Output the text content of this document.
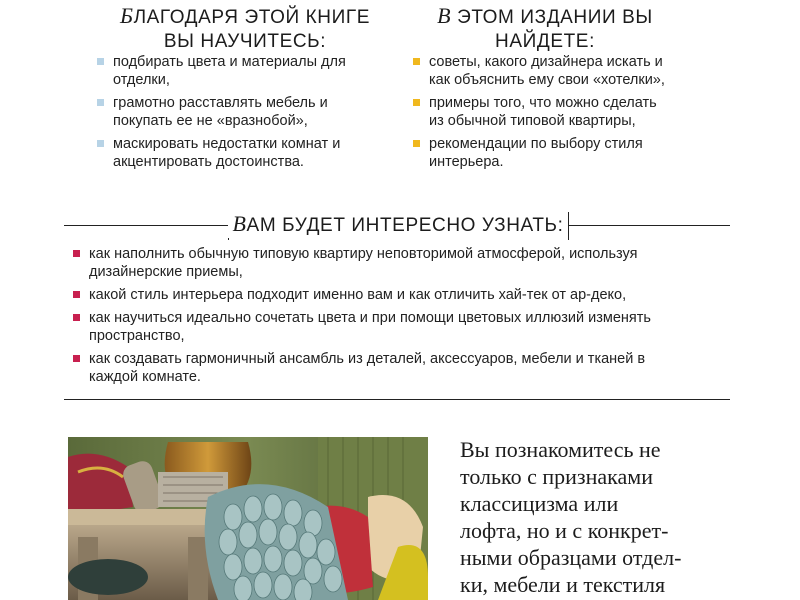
БЛАГОДАРЯ ЭТОЙ КНИГЕ
ВЫ НАУЧИТЕСЬ:
подбирать цвета и материалы для
отделки,
грамотно расставлять мебель и
покупать ее не «вразнобой»,
маскировать недостатки комнат и
акцентировать достоинства.
В ЭТОМ ИЗДАНИИ ВЫ
НАЙДЕТЕ:
советы, какого дизайнера искать и
как объяснить ему свои «хотелки»,
примеры того, что можно сделать
из обычной типовой квартиры,
рекомендации по выбору стиля
интерьера.
ВАМ БУДЕТ ИНТЕРЕСНО УЗНАТЬ:
как наполнить обычную типовую квартиру неповторимой атмосферой, используя
дизайнерские приемы,
какой стиль интерьера подходит именно вам и как отличить хай-тек от ар-деко,
как научиться идеально сочетать цвета и при помощи цветовых иллюзий изменять
пространство,
как создавать гармоничный ансамбль из деталей, аксессуаров, мебели и тканей в
каждой комнате.
Вы познакомитесь не
только с признаками
классицизма или
лофта, но и с конкрет-
ными образцами отдел-
ки, мебели и текстиля
